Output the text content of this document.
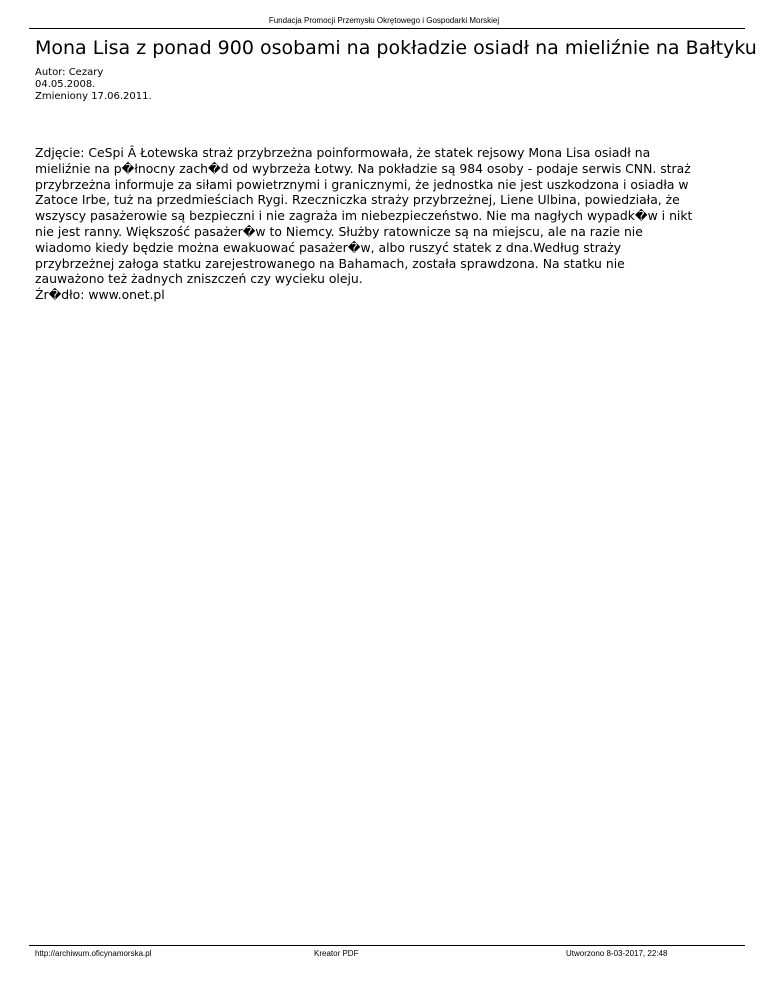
Fundacja Promocji Przemysłu Okrętowego i Gospodarki Morskiej
Mona Lisa z ponad 900 osobami na pokładzie osiadł na mieliźnie na Bałtyku
Autor: Cezary
04.05.2008.
Zmieniony 17.06.2011.
Zdjęcie: CeSpi Â Łotewska straż przybrzeżna poinformowała, że statek rejsowy Mona Lisa osiadł na
mieliźnie na p�łnocny zach�d od wybrzeża Łotwy. Na pokładzie są 984 osoby - podaje serwis CNN. straż
przybrzeżna informuje za siłami powietrznymi i granicznymi, że jednostka nie jest uszkodzona i osiadła w
Zatoce Irbe, tuż na przedmieściach Rygi. Rzeczniczka straży przybrzeżnej, Liene Ulbina, powiedziała, że
wszyscy pasażerowie są bezpieczni i nie zagraża im niebezpieczeństwo. Nie ma nagłych wypadk�w i nikt
nie jest ranny. Większość pasażer�w to Niemcy. Służby ratownicze są na miejscu, ale na razie nie
wiadomo kiedy będzie można ewakuować pasażer�w, albo ruszyć statek z dna.Według straży
przybrzeżnej załoga statku zarejestrowanego na Bahamach, została sprawdzona. Na statku nie
zauważono też żadnych zniszczeń czy wycieku oleju.
Źr�dło: www.onet.pl
http://archiwum.oficynamorska.pl	Kreator PDF	Utworzono 8-03-2017, 22:48
